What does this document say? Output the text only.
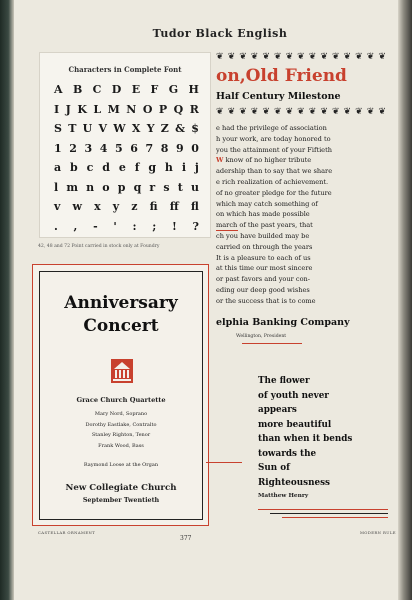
Tudor Black English
Characters in Complete Font
A B C D E F G H
I J K L M N O P Q R
S T U V W X Y Z & $
1 2 3 4 5 6 7 8 9 0
a b c d e f g h i j
l m n o p q r s t u
v w x y z fi ff fl
. , - ' : ; ! ?
42, 48 and 72 Point carried in stock only at Foundry
Anniversary
Concert
Grace Church Quartette
Mary Nord, Soprano
Dorothy Eastlake, Contralto
Stanley Righton, Tenor
Frank Wood, Bass
Raymond Loose at the Organ
New Collegiate Church
September Twentieth
CASTELLAR ORNAMENT
377
❦ ❦ ❦ ❦ ❦ ❦ ❦ ❦ ❦ ❦ ❦ ❦ ❦ ❦ ❦
on,Old Friend
Half Century Milestone
❦ ❦ ❦ ❦ ❦ ❦ ❦ ❦ ❦ ❦ ❦ ❦ ❦ ❦ ❦

e had the privilege of association

h your work, are today honored to

you the attainment of your Fiftieth

W know of no higher tribute

adership than to say that we share

e rich realization of achievement.

of no greater pledge for the future

which may catch something of

on which has made possible

march of the past years, that

ch you have builded may be

carried on through the years

It is a pleasure to each of us

at this time our most sincere

or past favors and your con-

eding our deep good wishes

or the success that is to come

elphia Banking Company
Wellington, President

The flower

of youth never

appears

more beautiful

than when it bends

towards the

Sun of

Righteousness

Matthew Henry
MODERN RULE
